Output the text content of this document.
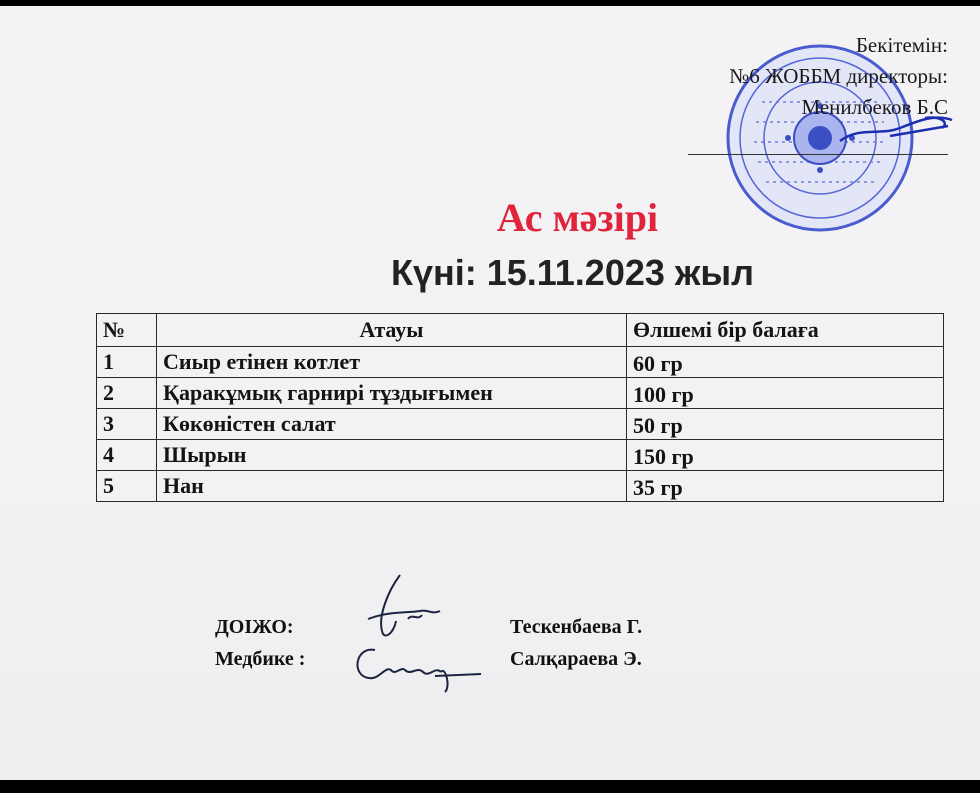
Бекітемін:
№6 ЖОББМ директоры:
Менилбеков Б.С
Ас мәзірі
Күні: 15.11.2023 жыл
№	Атауы	Өлшемі бір балаға
1	Сиыр етінен котлет	60 гр
2	Қаракұмық гарнирі тұздығымен	100 гр
3	Көкөністен салат	50 гр
4	Шырын	150 гр
5	Нан	35 гр
ДОІЖО:	Тескенбаева Г.
Медбике :	Салқараева Э.
